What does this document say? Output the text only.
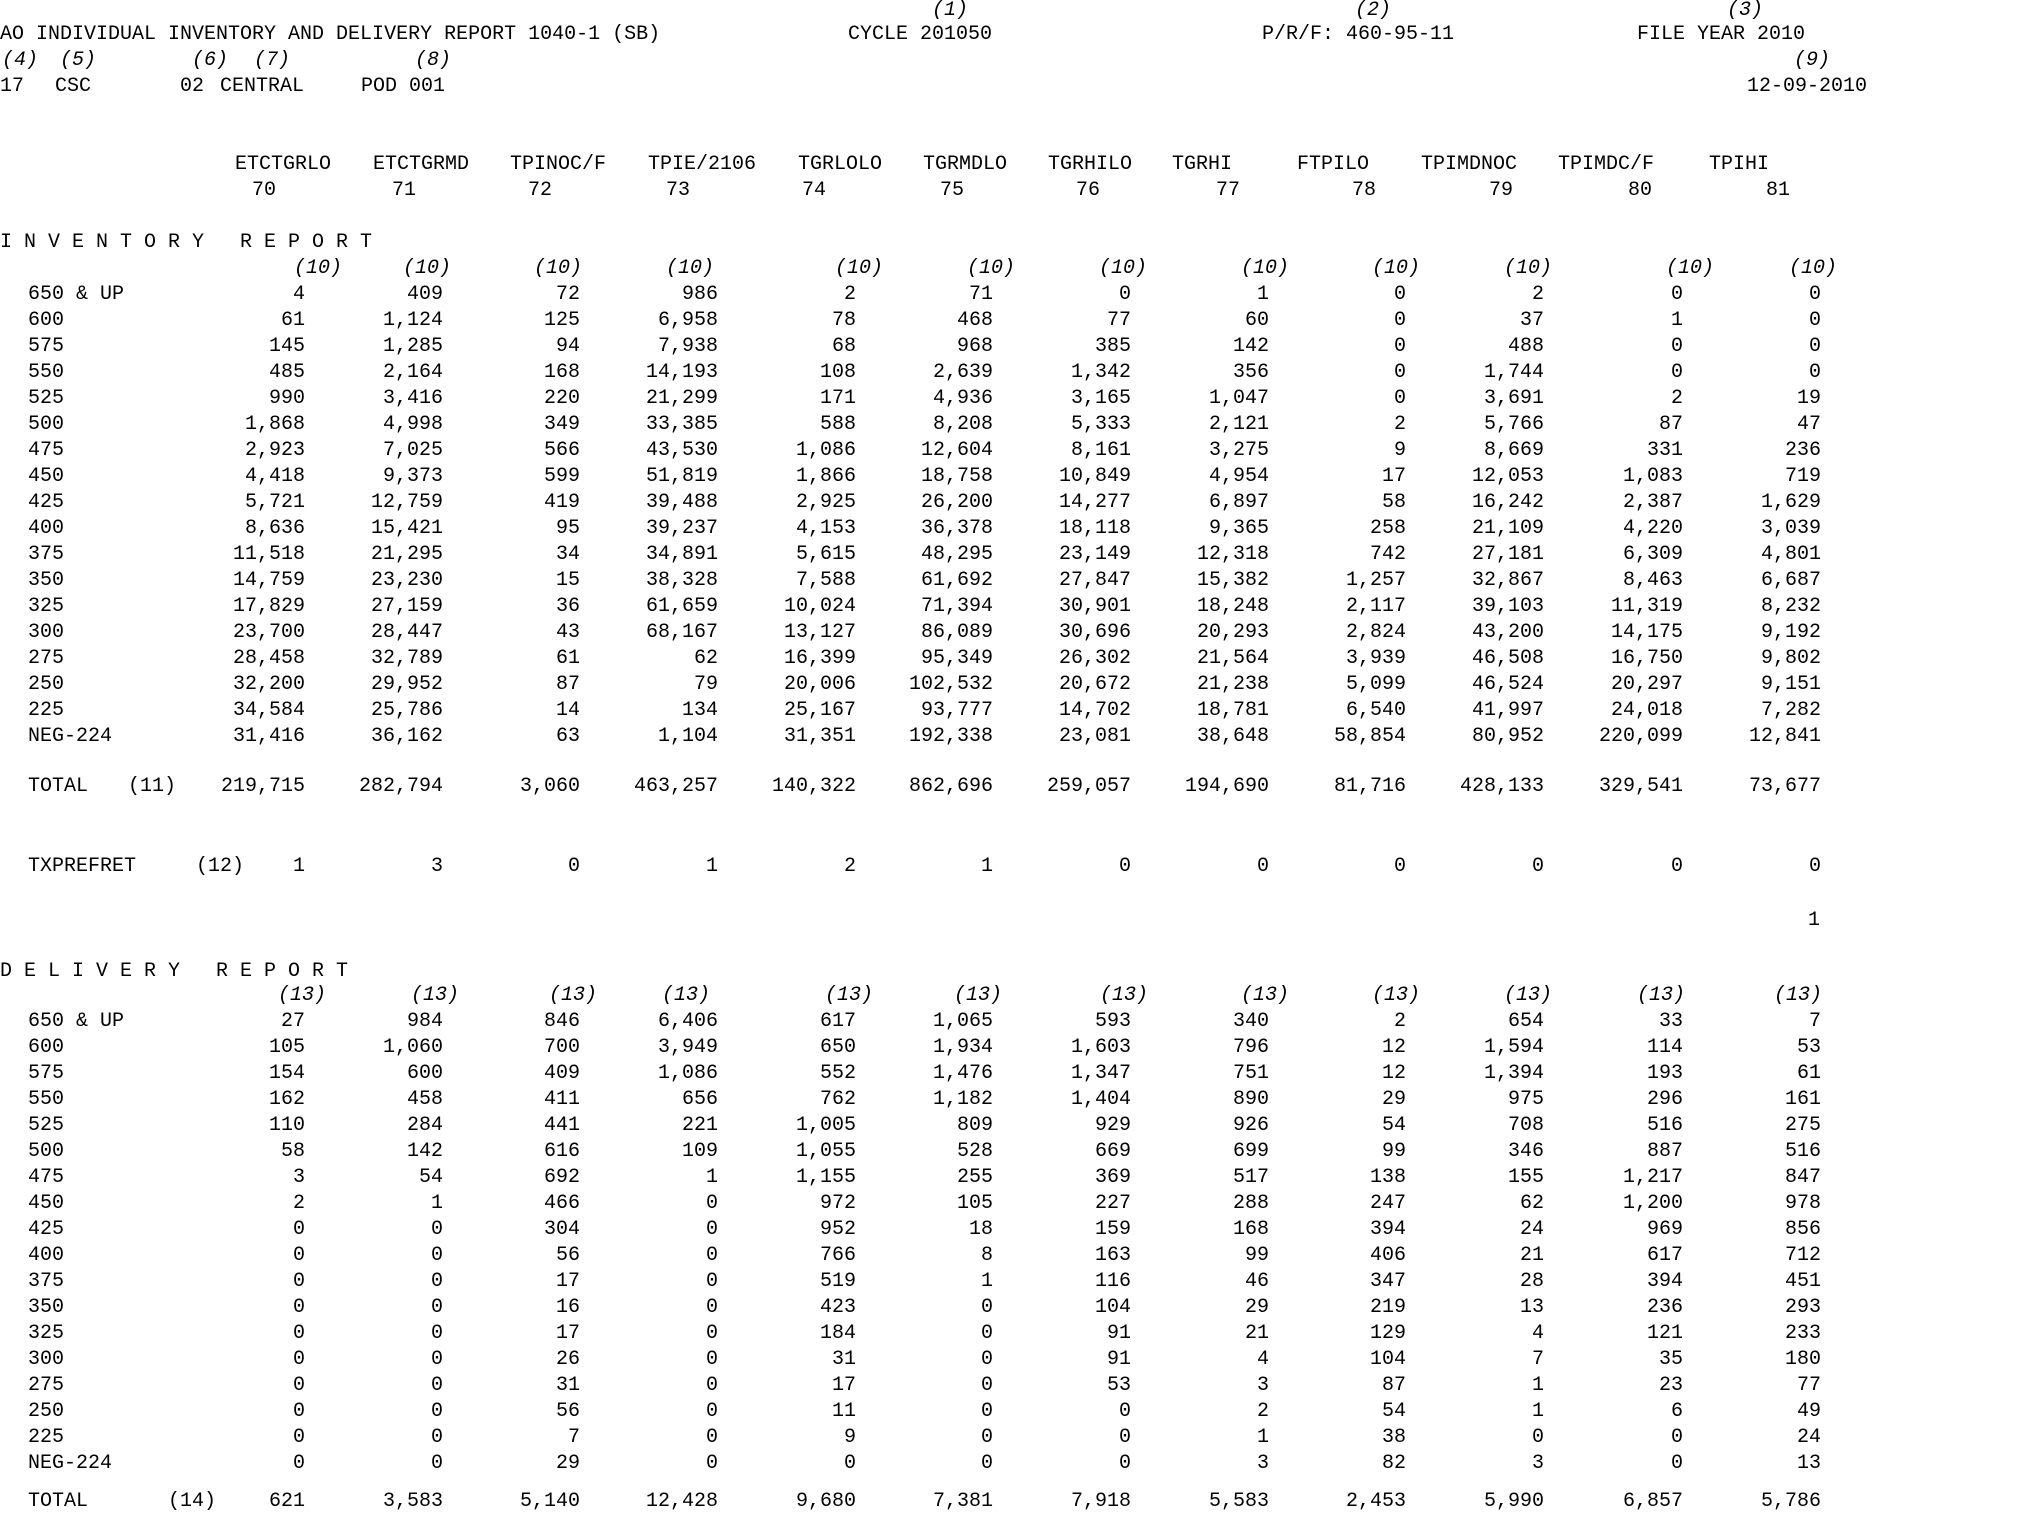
(1)	(2)	(3)
AO INDIVIDUAL INVENTORY AND DELIVERY REPORT 1040-1 (SB)	CYCLE 201050	P/R/F: 460-95-11	FILE YEAR 2010
(4) (5)	(6) (7)	(8)	(9)
17 CSC	02 CENTRAL	POD 001	12-09-2010
ETCTGRLO ETCTGRMD TPINOC/F TPIE/2106 TGRLOLO TGRMDLO TGRHILO TGRHI	FTPILO	TPIMDNOC TPIMDC/F	TPIHI
70	71	72	73	74	75	76	77	78	79	80	81
I N V E N T O R Y   R E P O R T
(10)	(10)	(10)	(10)	(10)	(10)	(10)	(10)	(10)	(10)	(10)	(10)
650 & UP	4	409	72	986	2	71	0	1	0	2	0	0
600	61	1,124	125	6,958	78	468	77	60	0	37	1	0
575	145	1,285	94	7,938	68	968	385	142	0	488	0	0
550	485	2,164	168	14,193	108	2,639	1,342	356	0	1,744	0	0
525	990	3,416	220	21,299	171	4,936	3,165	1,047	0	3,691	2	19
500	1,868	4,998	349	33,385	588	8,208	5,333	2,121	2	5,766	87	47
475	2,923	7,025	566	43,530	1,086	12,604	8,161	3,275	9	8,669	331	236
450	4,418	9,373	599	51,819	1,866	18,758	10,849	4,954	17	12,053	1,083	719
425	5,721	12,759	419	39,488	2,925	26,200	14,277	6,897	58	16,242	2,387	1,629
400	8,636	15,421	95	39,237	4,153	36,378	18,118	9,365	258	21,109	4,220	3,039
375	11,518	21,295	34	34,891	5,615	48,295	23,149	12,318	742	27,181	6,309	4,801
350	14,759	23,230	15	38,328	7,588	61,692	27,847	15,382	1,257	32,867	8,463	6,687
325	17,829	27,159	36	61,659	10,024	71,394	30,901	18,248	2,117	39,103	11,319	8,232
300	23,700	28,447	43	68,167	13,127	86,089	30,696	20,293	2,824	43,200	14,175	9,192
275	28,458	32,789	61	62	16,399	95,349	26,302	21,564	3,939	46,508	16,750	9,802
250	32,200	29,952	87	79	20,006	102,532	20,672	21,238	5,099	46,524	20,297	9,151
225	34,584	25,786	14	134	25,167	93,777	14,702	18,781	6,540	41,997	24,018	7,282
NEG-224	31,416	36,162	63	1,104	31,351	192,338	23,081	38,648	58,854	80,952	220,099	12,841
TOTAL (11)	219,715	282,794	3,060	463,257	140,322	862,696	259,057	194,690	81,716	428,133	329,541	73,677
TXPREFRET	(12)	1	3	0	1	2	1	0	0	0	0	0	0
1
D E L I V E R Y   R E P O R T
(13)	(13)	(13)	(13)	(13)	(13)	(13)	(13)	(13)	(13)	(13)	(13)
650 & UP	27	984	846	6,406	617	1,065	593	340	2	654	33	7
600	105	1,060	700	3,949	650	1,934	1,603	796	12	1,594	114	53
575	154	600	409	1,086	552	1,476	1,347	751	12	1,394	193	61
550	162	458	411	656	762	1,182	1,404	890	29	975	296	161
525	110	284	441	221	1,005	809	929	926	54	708	516	275
500	58	142	616	109	1,055	528	669	699	99	346	887	516
475	3	54	692	1	1,155	255	369	517	138	155	1,217	847
450	2	1	466	0	972	105	227	288	247	62	1,200	978
425	0	0	304	0	952	18	159	168	394	24	969	856
400	0	0	56	0	766	8	163	99	406	21	617	712
375	0	0	17	0	519	1	116	46	347	28	394	451
350	0	0	16	0	423	0	104	29	219	13	236	293
325	0	0	17	0	184	0	91	21	129	4	121	233
300	0	0	26	0	31	0	91	4	104	7	35	180
275	0	0	31	0	17	0	53	3	87	1	23	77
250	0	0	56	0	11	0	0	2	54	1	6	49
225	0	0	7	0	9	0	0	1	38	0	0	24
NEG-224	0	0	29	0	0	0	0	3	82	3	0	13
TOTAL	(14)	621	3,583	5,140	12,428	9,680	7,381	7,918	5,583	2,453	5,990	6,857	5,786
